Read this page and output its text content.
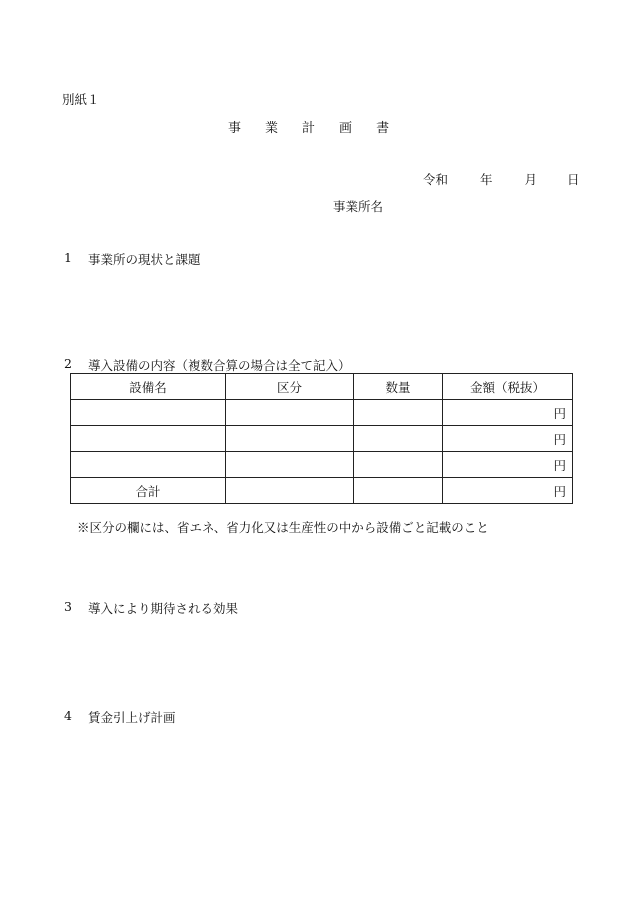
別紙１
事 業 計 画 書
令和	年	月 日
事業所名
1 事業所の現状と課題
2 導入設備の内容（複数合算の場合は全て記入）
設備名	区分	数量	金額（税抜）
			円
			円
			円
合計			円
※区分の欄には、省エネ、省力化又は生産性の中から設備ごと記載のこと
3 導入により期待される効果
4 賃金引上げ計画
